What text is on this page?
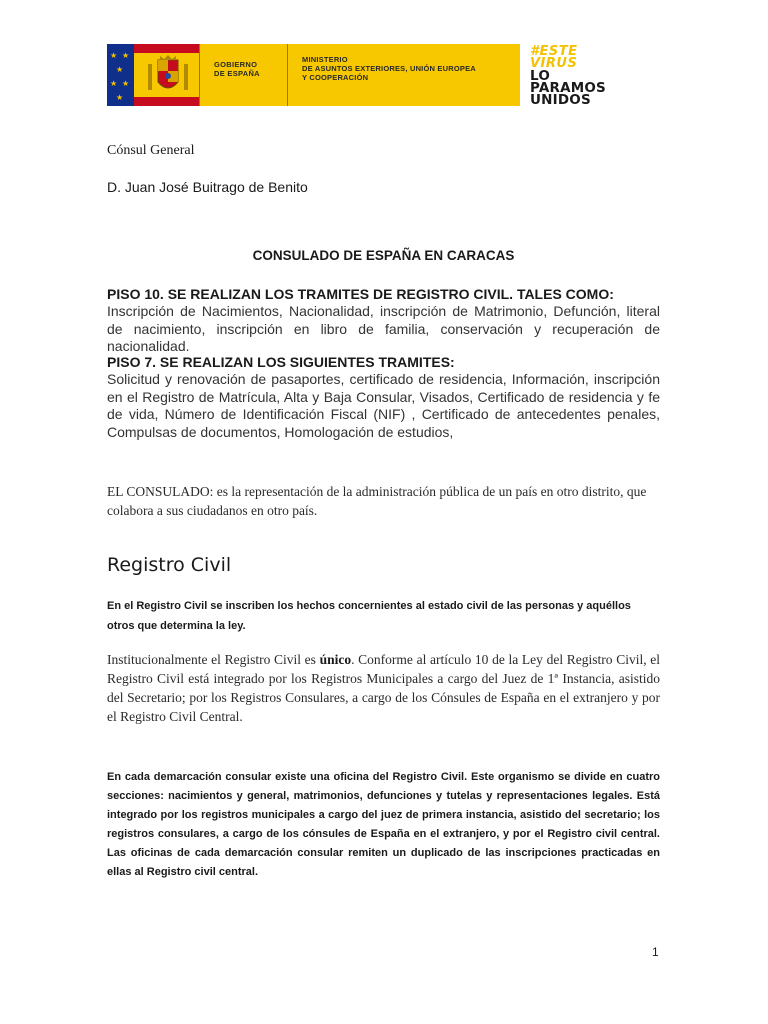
★ ★
★
★ ★
★
GOBIERNO
DE ESPAÑA
MINISTERIO
DE ASUNTOS EXTERIORES, UNIÓN EUROPEA
Y COOPERACIÓN
#ESTE
VIRUS
LO
PARAMOS
UNIDOS
Cónsul General
D. Juan José Buitrago de Benito
CONSULADO DE ESPAÑA EN CARACAS
PISO 10. SE REALIZAN LOS TRAMITES DE REGISTRO CIVIL. TALES COMO:
Inscripción de Nacimientos, Nacionalidad, inscripción de Matrimonio, Defunción, literal de nacimiento, inscripción en libro de familia, conservación y recuperación de nacionalidad.
PISO 7. SE REALIZAN LOS SIGUIENTES TRAMITES:
Solicitud y renovación de pasaportes, certificado de residencia, Información, inscripción en el Registro de Matrícula, Alta y Baja Consular, Visados, Certificado de residencia y fe de vida, Número de Identificación Fiscal (NIF) , Certificado de antecedentes penales, Compulsas de documentos, Homologación de estudios,
EL CONSULADO: es la representación de la administración pública de un país en otro distrito, que colabora a sus ciudadanos en otro país.
Registro Civil
En el Registro Civil se inscriben los hechos concernientes al estado civil de las personas y aquéllos otros que determina la ley.
Institucionalmente el Registro Civil es único. Conforme al artículo 10 de la Ley del Registro Civil, el Registro Civil está integrado por los Registros Municipales a cargo del Juez de 1ª Instancia, asistido del Secretario; por los Registros Consulares, a cargo de los Cónsules de España en el extranjero y por el Registro Civil Central.
En cada demarcación consular existe una oficina del Registro Civil. Este organismo se divide en cuatro secciones: nacimientos y general, matrimonios, defunciones y tutelas y representaciones legales. Está integrado por los registros municipales a cargo del juez de primera instancia, asistido del secretario; los registros consulares, a cargo de los cónsules de España en el extranjero, y por el Registro civil central. Las oficinas de cada demarcación consular remiten un duplicado de las inscripciones practicadas en ellas al Registro civil central.
1
